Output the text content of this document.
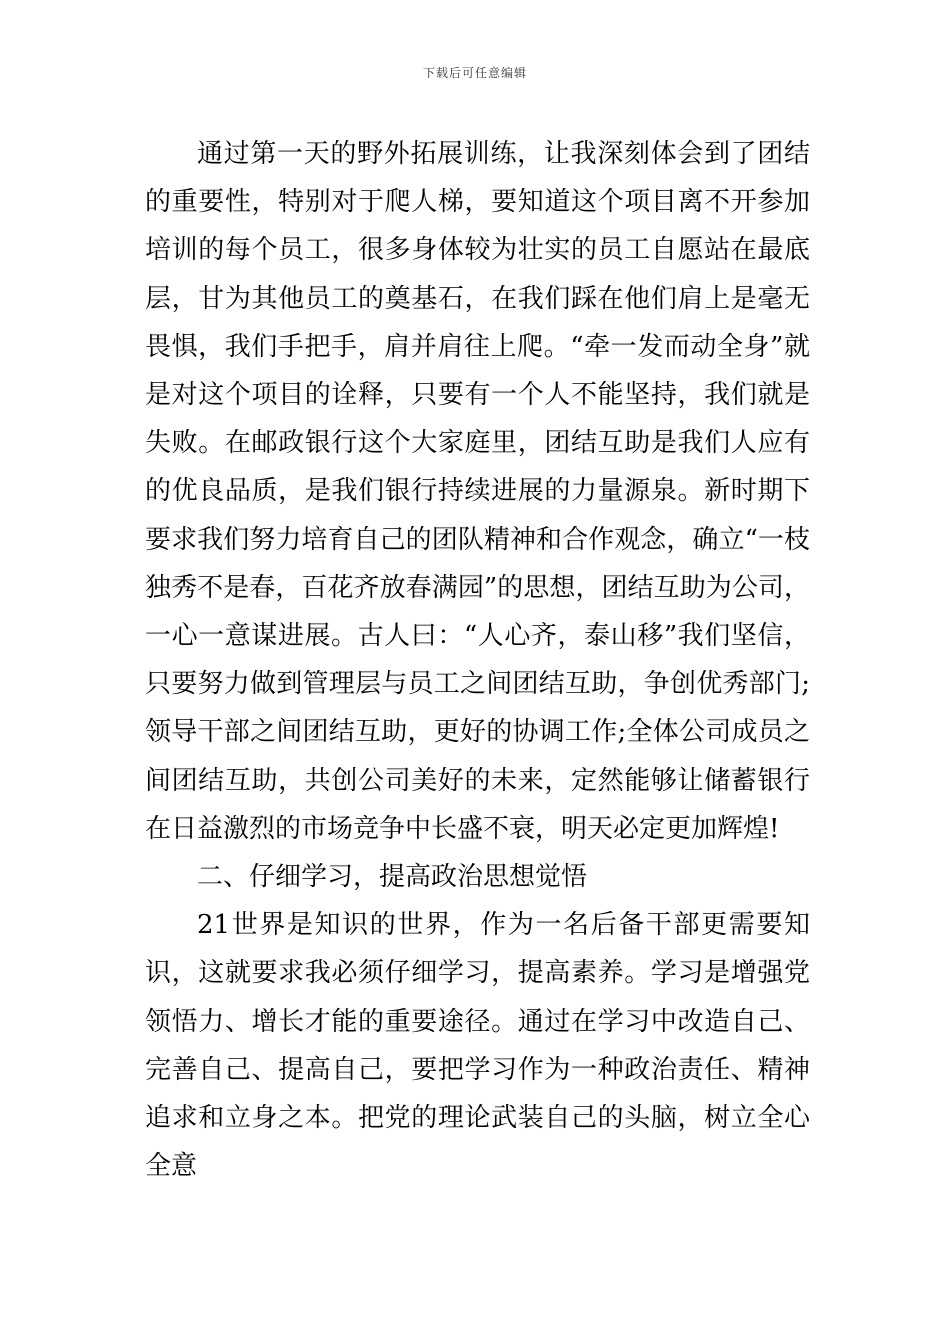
下载后可任意编辑

通过第一天的野外拓展训练，让我深刻体会到了团结的重要性，特别对于爬人梯，要知道这个项目离不开参加培训的每个员工，很多身体较为壮实的员工自愿站在最底层，甘为其他员工的奠基石，在我们踩在他们肩上是毫无畏惧，我们手把手，肩并肩往上爬。“牵一发而动全身”就是对这个项目的诠释，只要有一个人不能坚持，我们就是失败。在邮政银行这个大家庭里，团结互助是我们人应有的优良品质，是我们银行持续进展的力量源泉。新时期下要求我们努力培育自己的团队精神和合作观念，确立“一枝独秀不是春，百花齐放春满园”的思想，团结互助为公司，一心一意谋进展。古人曰：“人心齐，泰山移”我们坚信，只要努力做到管理层与员工之间团结互助，争创优秀部门;领导干部之间团结互助，更好的协调工作;全体公司成员之间团结互助，共创公司美好的未来，定然能够让储蓄银行在日益激烈的市场竞争中长盛不衰，明天必定更加辉煌!

二、仔细学习，提高政治思想觉悟

21世界是知识的世界，作为一名后备干部更需要知识，这就要求我必须仔细学习，提高素养。学习是增强党领悟力、增长才能的重要途径。通过在学习中改造自己、完善自己、提高自己，要把学习作为一种政治责任、精神追求和立身之本。把党的理论武装自己的头脑，树立全心全意
